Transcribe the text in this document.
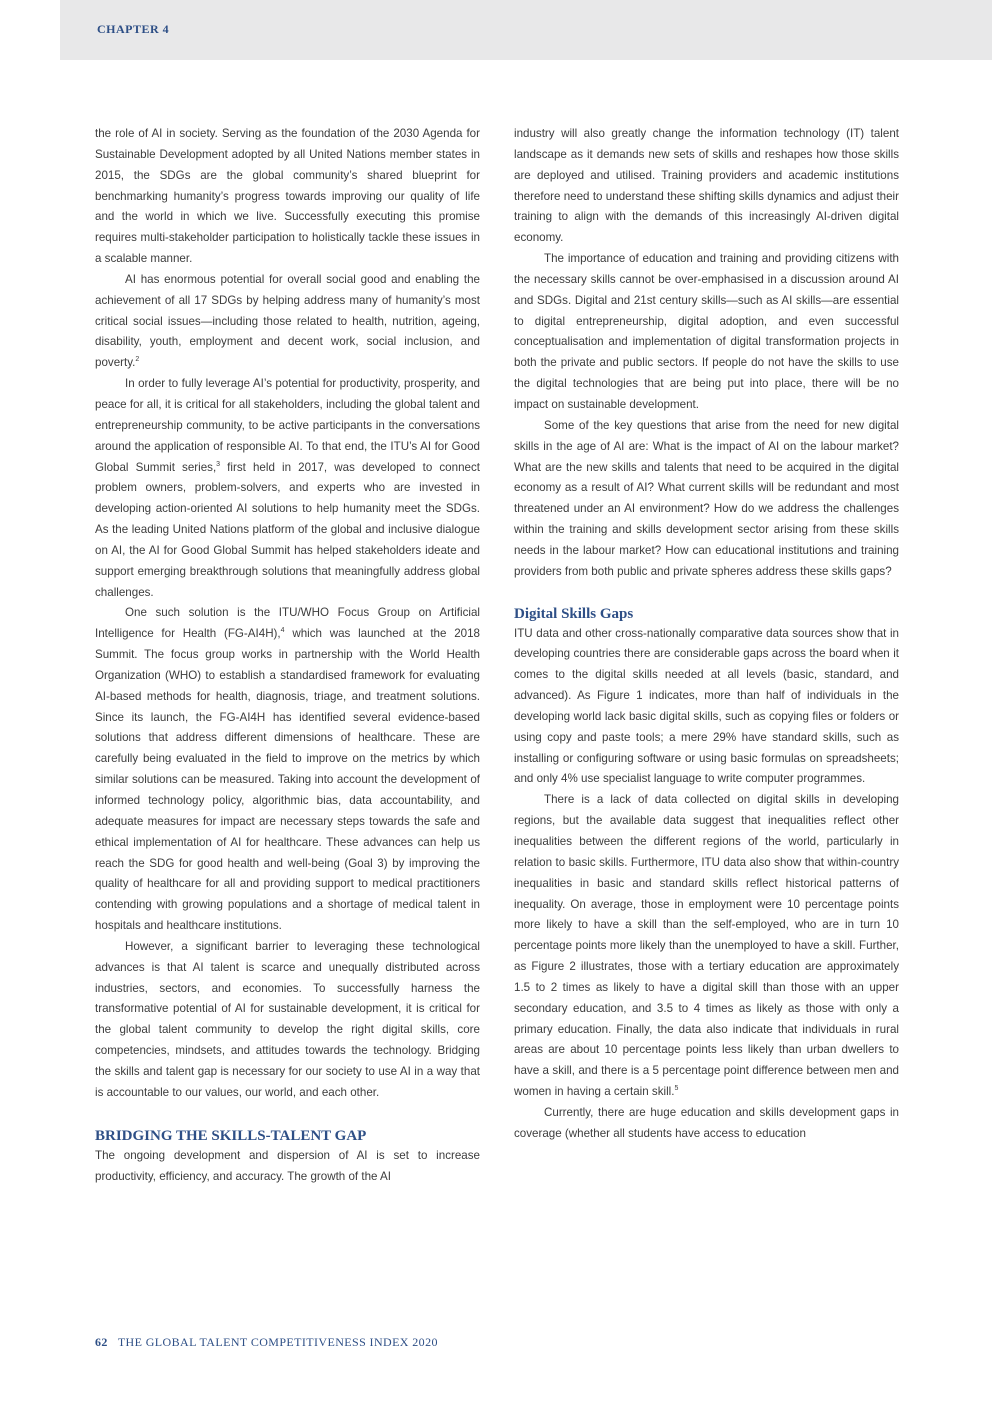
CHAPTER 4

the role of AI in society. Serving as the foundation of the 2030 Agenda for Sustainable Development adopted by all United Nations member states in 2015, the SDGs are the global community’s shared blueprint for benchmarking humanity’s progress towards improving our quality of life and the world in which we live. Successfully executing this promise requires multi-stakeholder participation to holistically tackle these issues in a scalable manner.

AI has enormous potential for overall social good and enabling the achievement of all 17 SDGs by helping address many of humanity’s most critical social issues—including those related to health, nutrition, ageing, disability, youth, employment and decent work, social inclusion, and poverty.$^2$

In order to fully leverage AI’s potential for productivity, prosperity, and peace for all, it is critical for all stakeholders, including the global talent and entrepreneurship community, to be active participants in the conversations around the application of responsible AI. To that end, the ITU’s AI for Good Global Summit series,$^3$ first held in 2017, was developed to connect problem owners, problem-solvers, and experts who are invested in developing action-oriented AI solutions to help humanity meet the SDGs. As the leading United Nations platform of the global and inclusive dialogue on AI, the AI for Good Global Summit has helped stakeholders ideate and support emerging breakthrough solutions that meaningfully address global challenges.

One such solution is the ITU/WHO Focus Group on Artificial Intelligence for Health (FG-AI4H),$^4$ which was launched at the 2018 Summit. The focus group works in partnership with the World Health Organization (WHO) to establish a standardised framework for evaluating AI-based methods for health, diagnosis, triage, and treatment solutions. Since its launch, the FG-AI4H has identified several evidence-based solutions that address different dimensions of healthcare. These are carefully being evaluated in the field to improve on the metrics by which similar solutions can be measured. Taking into account the development of informed technology policy, algorithmic bias, data accountability, and adequate measures for impact are necessary steps towards the safe and ethical implementation of AI for healthcare. These advances can help us reach the SDG for good health and well-being (Goal 3) by improving the quality of healthcare for all and providing support to medical practitioners contending with growing populations and a shortage of medical talent in hospitals and healthcare institutions.

However, a significant barrier to leveraging these technological advances is that AI talent is scarce and unequally distributed across industries, sectors, and economies. To successfully harness the transformative potential of AI for sustainable development, it is critical for the global talent community to develop the right digital skills, core competencies, mindsets, and attitudes towards the technology. Bridging the skills and talent gap is necessary for our society to use AI in a way that is accountable to our values, our world, and each other.

BRIDGING THE SKILLS-TALENT GAP

The ongoing development and dispersion of AI is set to increase productivity, efficiency, and accuracy. The growth of the AI

industry will also greatly change the information technology (IT) talent landscape as it demands new sets of skills and reshapes how those skills are deployed and utilised. Training providers and academic institutions therefore need to understand these shifting skills dynamics and adjust their training to align with the demands of this increasingly AI-driven digital economy.

The importance of education and training and providing citizens with the necessary skills cannot be over-emphasised in a discussion around AI and SDGs. Digital and 21st century skills—such as AI skills—are essential to digital entrepreneurship, digital adoption, and even successful conceptualisation and implementation of digital transformation projects in both the private and public sectors. If people do not have the skills to use the digital technologies that are being put into place, there will be no impact on sustainable development.

Some of the key questions that arise from the need for new digital skills in the age of AI are: What is the impact of AI on the labour market? What are the new skills and talents that need to be acquired in the digital economy as a result of AI? What current skills will be redundant and most threatened under an AI environment? How do we address the challenges within the training and skills development sector arising from these skills needs in the labour market? How can educational institutions and training providers from both public and private spheres address these skills gaps?

Digital Skills Gaps

ITU data and other cross-nationally comparative data sources show that in developing countries there are considerable gaps across the board when it comes to the digital skills needed at all levels (basic, standard, and advanced). As Figure 1 indicates, more than half of individuals in the developing world lack basic digital skills, such as copying files or folders or using copy and paste tools; a mere 29% have standard skills, such as installing or configuring software or using basic formulas on spreadsheets; and only 4% use specialist language to write computer programmes.

There is a lack of data collected on digital skills in developing regions, but the available data suggest that inequalities reflect other inequalities between the different regions of the world, particularly in relation to basic skills. Furthermore, ITU data also show that within-country inequalities in basic and standard skills reflect historical patterns of inequality. On average, those in employment were 10 percentage points more likely to have a skill than the self-employed, who are in turn 10 percentage points more likely than the unemployed to have a skill. Further, as Figure 2 illustrates, those with a tertiary education are approximately 1.5 to 2 times as likely to have a digital skill than those with an upper secondary education, and 3.5 to 4 times as likely as those with only a primary education. Finally, the data also indicate that individuals in rural areas are about 10 percentage points less likely than urban dwellers to have a skill, and there is a 5 percentage point difference between men and women in having a certain skill.$^5$

Currently, there are huge education and skills development gaps in coverage (whether all students have access to education

62 THE GLOBAL TALENT COMPETITIVENESS INDEX 2020
